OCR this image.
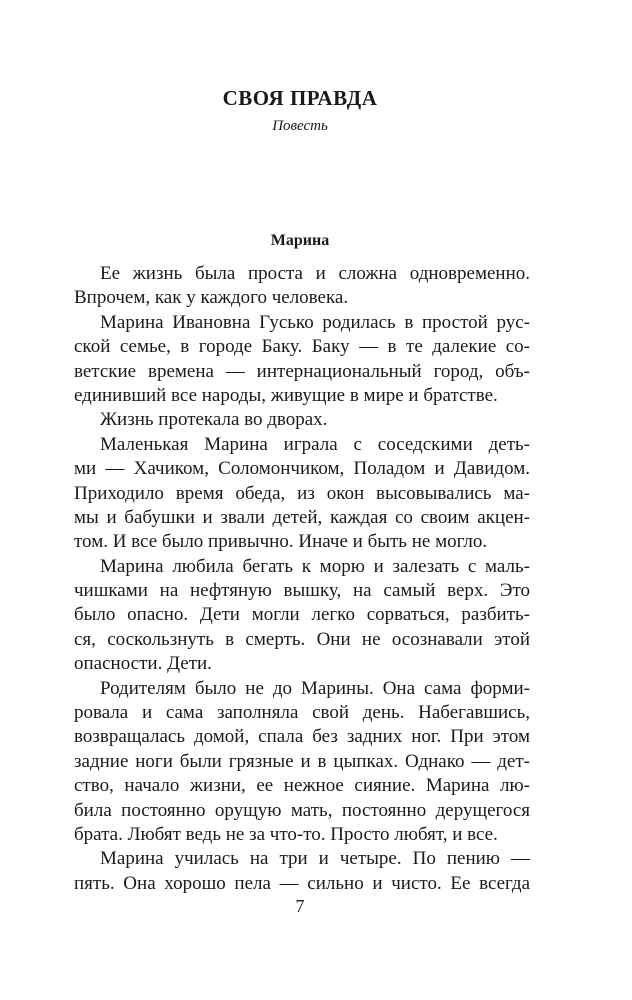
СВОЯ ПРАВДА
Повесть
Марина
Ее жизнь была проста и сложна одновременно.
Впрочем, как у каждого человека.
Марина Ивановна Гусько родилась в простой рус-
ской семье, в городе Баку. Баку — в те далекие со-
ветские времена — интернациональный город, объ-
единивший все народы, живущие в мире и братстве.
Жизнь протекала во дворах.
Маленькая Марина играла с соседскими деть-
ми — Хачиком, Соломончиком, Поладом и Давидом.
Приходило время обеда, из окон высовывались ма-
мы и бабушки и звали детей, каждая со своим акцен-
том. И все было привычно. Иначе и быть не могло.
Марина любила бегать к морю и залезать с маль-
чишками на нефтяную вышку, на самый верх. Это
было опасно. Дети могли легко сорваться, разбить-
ся, соскользнуть в смерть. Они не осознавали этой
опасности. Дети.
Родителям было не до Марины. Она сама форми-
ровала и сама заполняла свой день. Набегавшись,
возвращалась домой, спала без задних ног. При этом
задние ноги были грязные и в цыпках. Однако — дет-
ство, начало жизни, ее нежное сияние. Марина лю-
била постоянно орущую мать, постоянно дерущегося
брата. Любят ведь не за что-то. Просто любят, и все.
Марина училась на три и четыре. По пению —
пять. Она хорошо пела — сильно и чисто. Ее всегда
7
